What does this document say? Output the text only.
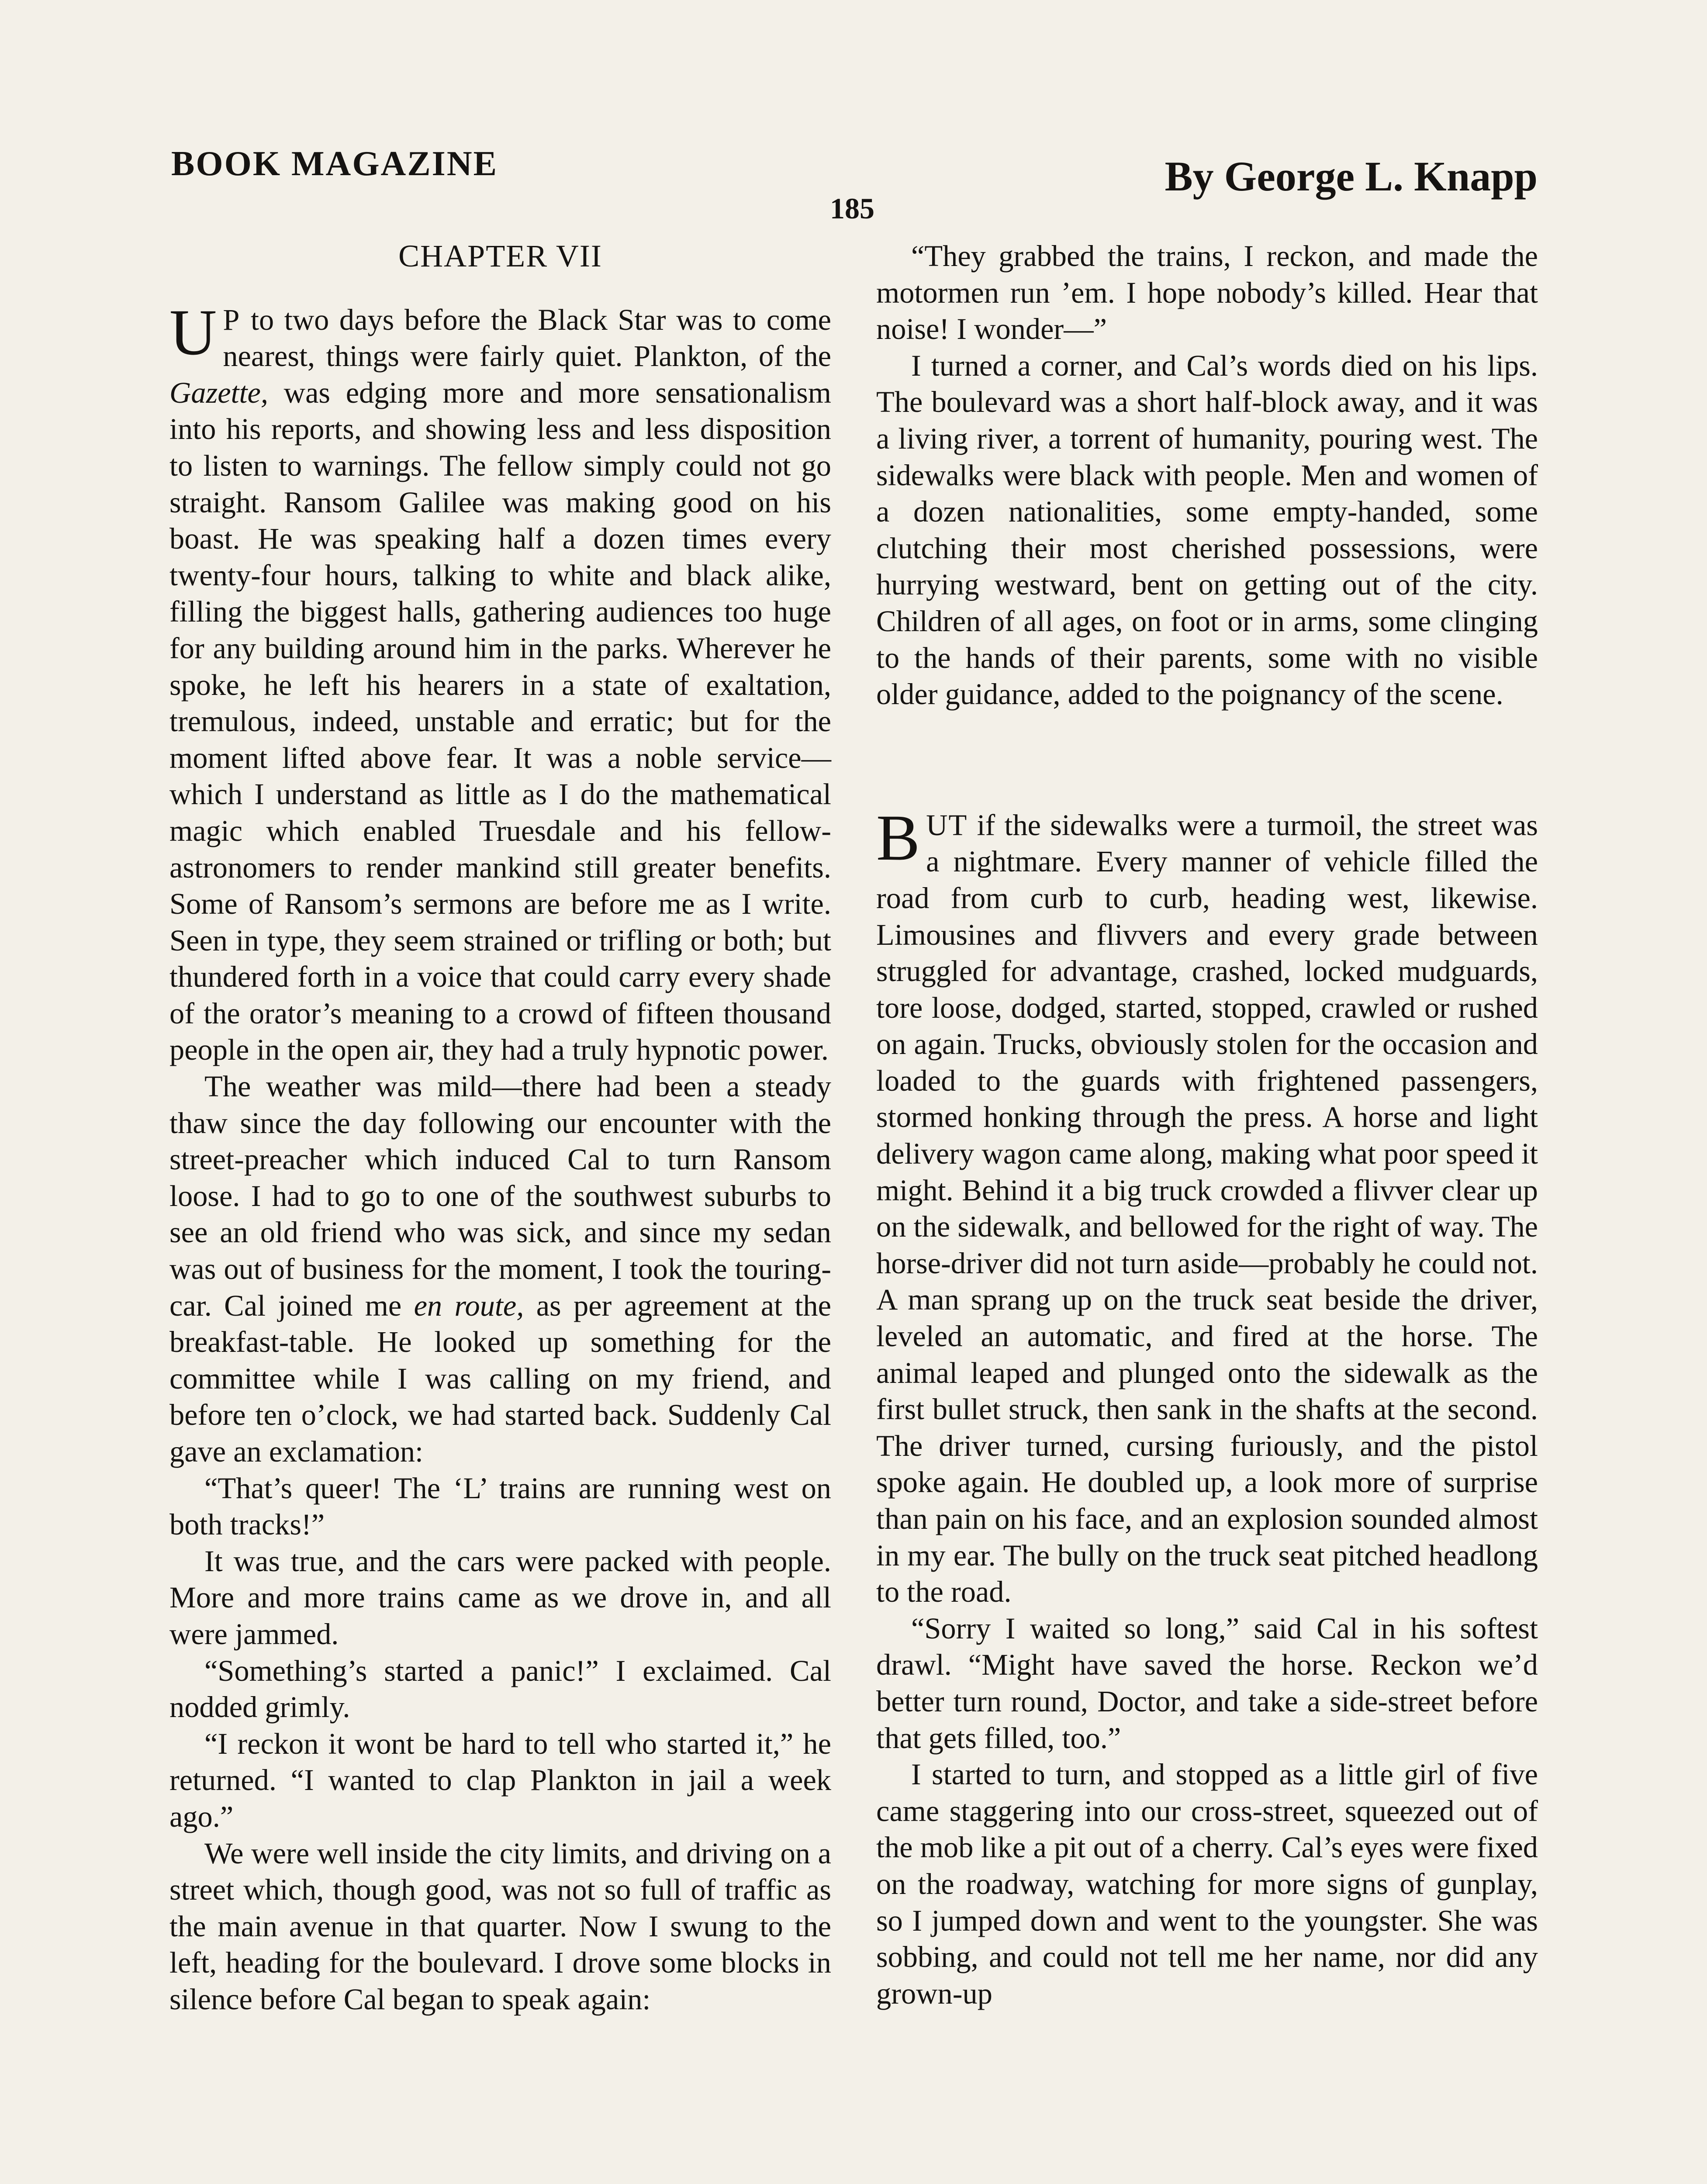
BOOK MAGAZINE	By George L. Knapp
185
CHAPTER VII

U P to two days before the Black Star was to come nearest, things were fairly quiet. Plankton, of the Gazette, was edging more and more sensationalism into his reports, and showing less and less disposition to listen to warnings. The fellow simply could not go straight. Ransom Galilee was making good on his boast. He was speaking half a dozen times every twenty-four hours, talking to white and black alike, filling the biggest halls, gathering audiences too huge for any building around him in the parks. Wherever he spoke, he left his hearers in a state of exaltation, tremulous, indeed, unstable and erratic; but for the moment lifted above fear. It was a noble service—which I understand as little as I do the mathematical magic which enabled Truesdale and his fellow-astronomers to render mankind still greater benefits. Some of Ransom’s sermons are before me as I write. Seen in type, they seem strained or trifling or both; but thundered forth in a voice that could carry every shade of the orator’s meaning to a crowd of fifteen thousand people in the open air, they had a truly hypnotic power.

The weather was mild—there had been a steady thaw since the day following our encounter with the street-preacher which induced Cal to turn Ransom loose. I had to go to one of the southwest suburbs to see an old friend who was sick, and since my sedan was out of business for the moment, I took the touring-car. Cal joined me en route, as per agreement at the breakfast-table. He looked up something for the committee while I was calling on my friend, and before ten o’clock, we had started back. Suddenly Cal gave an exclamation:

“That’s queer! The ‘L’ trains are running west on both tracks!”

It was true, and the cars were packed with people. More and more trains came as we drove in, and all were jammed.

“Something’s started a panic!” I exclaimed. Cal nodded grimly.

“I reckon it wont be hard to tell who started it,” he returned. “I wanted to clap Plankton in jail a week ago.”

We were well inside the city limits, and driving on a street which, though good, was not so full of traffic as the main avenue in that quarter. Now I swung to the left, heading for the boulevard. I drove some blocks in silence before Cal began to speak again:

“They grabbed the trains, I reckon, and made the motormen run ’em. I hope nobody’s killed. Hear that noise! I wonder—”

I turned a corner, and Cal’s words died on his lips. The boulevard was a short half-block away, and it was a living river, a torrent of humanity, pouring west. The sidewalks were black with people. Men and women of a dozen nationalities, some empty-handed, some clutching their most cherished possessions, were hurrying westward, bent on getting out of the city. Children of all ages, on foot or in arms, some clinging to the hands of their parents, some with no visible older guidance, added to the poignancy of the scene.

BUT if the sidewalks were a turmoil, the street was a nightmare. Every manner of vehicle filled the road from curb to curb, heading west, likewise. Limousines and flivvers and every grade between struggled for advantage, crashed, locked mudguards, tore loose, dodged, started, stopped, crawled or rushed on again. Trucks, obviously stolen for the occasion and loaded to the guards with frightened passengers, stormed honking through the press. A horse and light delivery wagon came along, making what poor speed it might. Behind it a big truck crowded a flivver clear up on the sidewalk, and bellowed for the right of way. The horse-driver did not turn aside—probably he could not. A man sprang up on the truck seat beside the driver, leveled an automatic, and fired at the horse. The animal leaped and plunged onto the sidewalk as the first bullet struck, then sank in the shafts at the second. The driver turned, cursing furiously, and the pistol spoke again. He doubled up, a look more of surprise than pain on his face, and an explosion sounded almost in my ear. The bully on the truck seat pitched headlong to the road.

“Sorry I waited so long,” said Cal in his softest drawl. “Might have saved the horse. Reckon we’d better turn round, Doctor, and take a side-street before that gets filled, too.”

I started to turn, and stopped as a little girl of five came staggering into our cross-street, squeezed out of the mob like a pit out of a cherry. Cal’s eyes were fixed on the roadway, watching for more signs of gunplay, so I jumped down and went to the youngster. She was sobbing, and could not tell me her name, nor did any grown-up
